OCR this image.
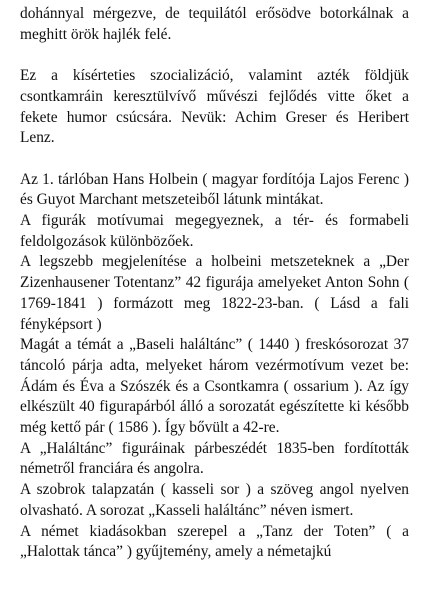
dohánnyal mérgezve, de tequilától erősödve botorkálnak a meghitt örök hajlék felé.

Ez a kísérteties szocializáció, valamint azték földjük csontkamráin keresztülvívő művészi fejlődés vitte őket a fekete humor csúcsára. Nevük: Achim Greser és Heribert Lenz.

Az 1. tárlóban Hans Holbein ( magyar fordítója Lajos Ferenc ) és Guyot Marchant metszeteiből látunk mintákat.

A figurák motívumai megegyeznek, a tér- és formabeli feldolgozások különbözőek.

A legszebb megjelenítése a holbeini metszeteknek a „Der Zizenhausener Totentanz” 42 figurája amelyeket Anton Sohn ( 1769-1841 ) formázott meg 1822-23-ban. ( Lásd a fali fényképsort )

Magát a témát a „Baseli haláltánc” ( 1440 ) freskósorozat 37 táncoló párja adta, melyeket három vezérmotívum vezet be: Ádám és Éva a Szószék és a Csontkamra ( ossarium ). Az így elkészült 40 figurapárból álló a sorozatát egészítette ki később még kettő pár ( 1586 ). Így bővült a 42-re.

A „Haláltánc” figuráinak párbeszédét 1835-ben fordították németről franciára és angolra.

A szobrok talapzatán ( kasseli sor ) a szöveg angol nyelven olvasható. A sorozat „Kasseli haláltánc” néven ismert.

A német kiadásokban szerepel a „Tanz der Toten” ( a „Halottak tánca” ) gyűjtemény, amely a németajkú
